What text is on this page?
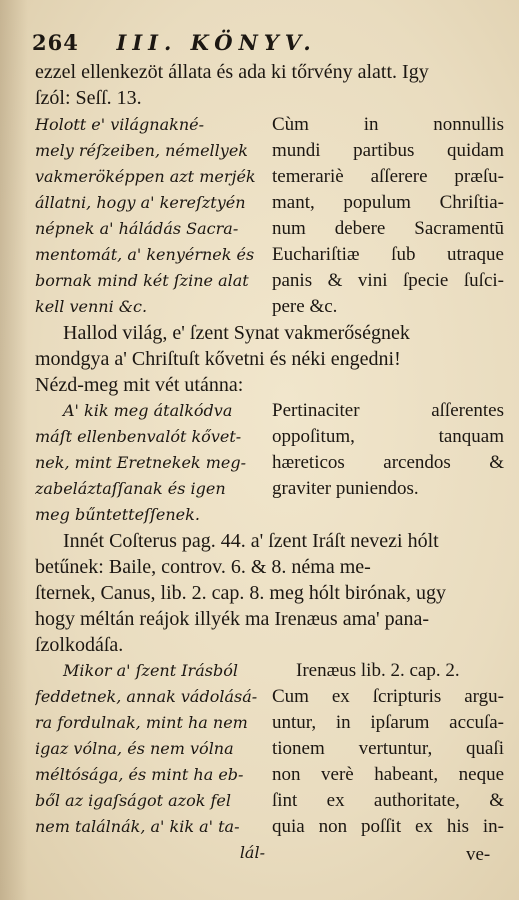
264 III. KÖNYV.
ezzel ellenkezöt állata és ada ki tőrvény alatt. Igy
ſzól: Seſſ. 13.
Holott e' világnakné-
mely réſzeiben, némellyek
vakmeröképpen azt merjék
állatni, hogy a' kereſztyén
népnek a' háládás Sacra-
mentomát, a' kenyérnek és
bornak mind két ſzine alat
kell venni &c.
Cùm in nonnullis
mundi partibus quidam
temerariè aſſerere præſu-
mant, populum Chriſtia-
num debere Sacramentū
Euchariſtiæ ſub utraque
panis & vini ſpecie ſuſci-
pere &c.
Hallod világ, e' ſzent Synat vakmerőségnek
mondgya a' Chriſtuſt kővetni és néki engedni!
Nézd-meg mit vét utánna:
A' kik meg átalkódva
máſt ellenbenvalót kővet-
nek, mint Eretnekek meg-
zabeláztaſſanak és igen
meg bűntetteſſenek.
Pertinaciter aſſerentes
oppoſitum, tanquam
hæreticos arcendos &
graviter puniendos.
Innét Coſterus pag. 44. a' ſzent Iráſt nevezi hólt
betűnek: Baile, controv. 6. & 8. néma me-
ſternek, Canus, lib. 2. cap. 8. meg hólt birónak, ugy
hogy méltán reájok illyék ma Irenæus ama' pana-
ſzolkodáſa.
Mikor a' ſzent Irásból
feddetnek, annak vádolásá-
ra fordulnak, mint ha nem
igaz vólna, és nem vólna
méltósága, és mint ha eb-
ből az igaſságot azok fel
nem találnák, a' kik a' ta-
lál-
Irenæus lib. 2. cap. 2.
Cum ex ſcripturis argu-
untur, in ipſarum accuſa-
tionem vertuntur, quaſi
non verè habeant, neque
ſint ex authoritate, &
quia non poſſit ex his in-
ve-
